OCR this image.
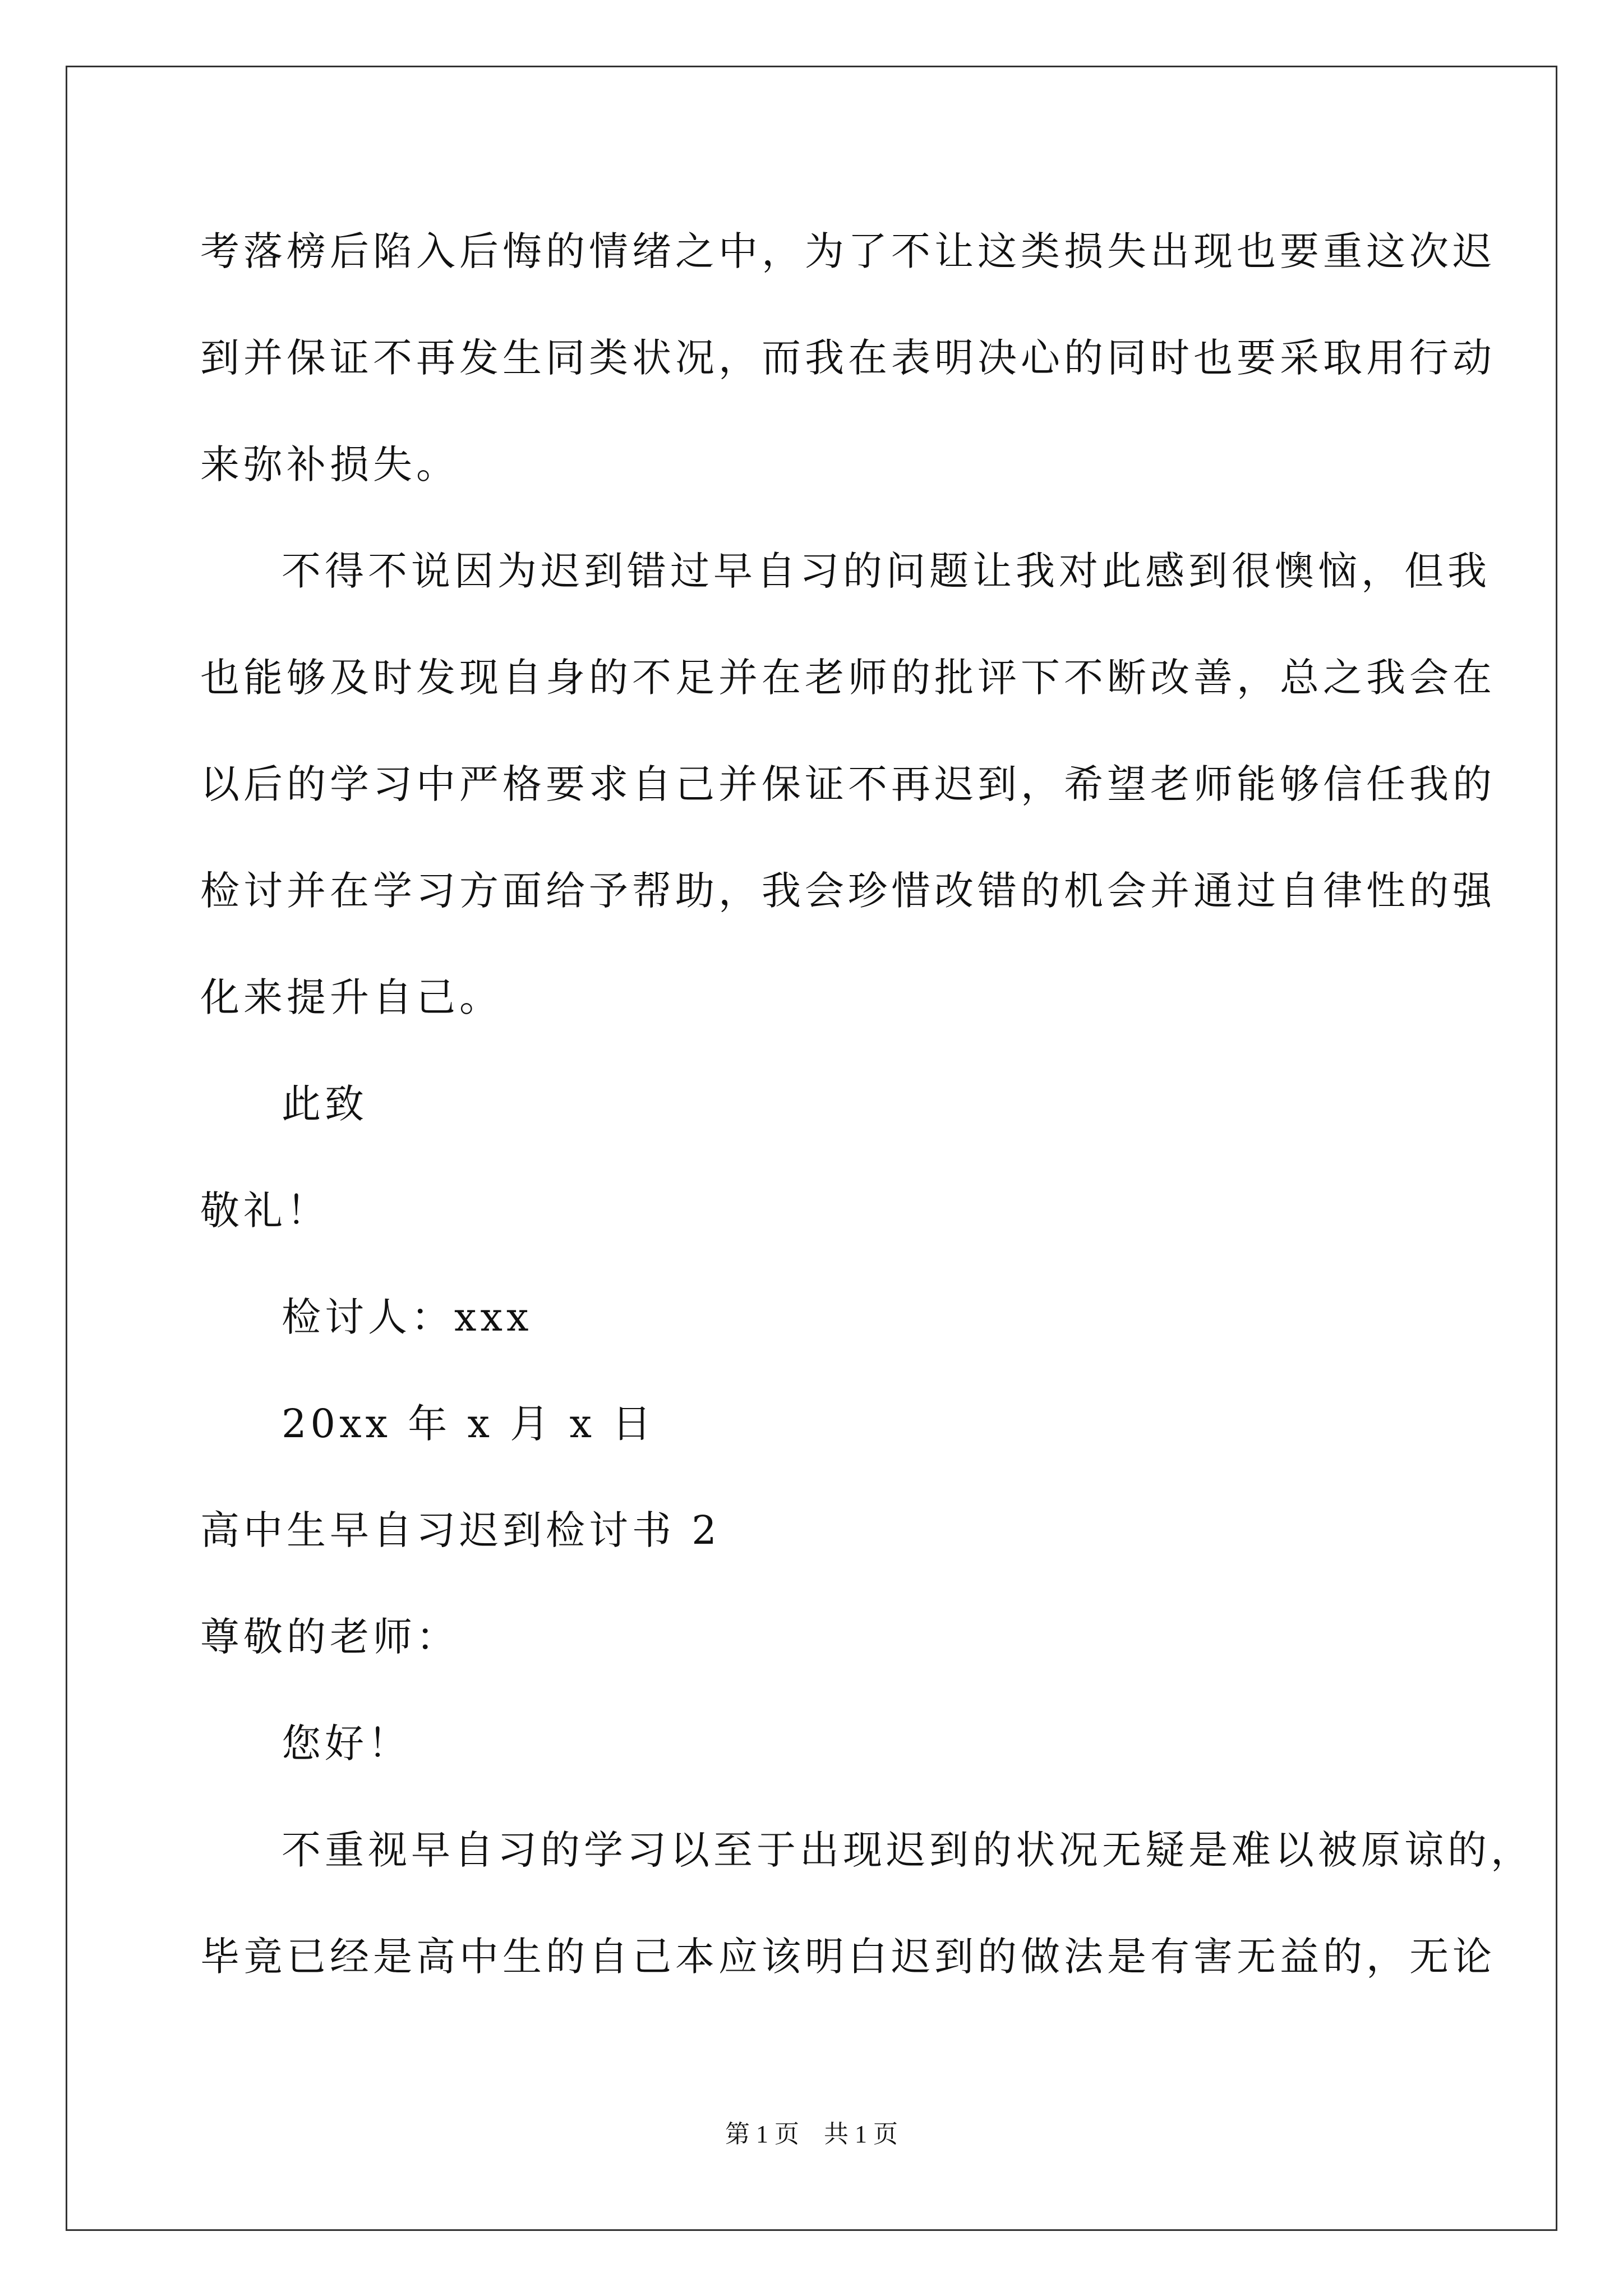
考落榜后陷入后悔的情绪之中，为了不让这类损失出现也要重这次迟
到并保证不再发生同类状况，而我在表明决心的同时也要采取用行动
来弥补损失。
不得不说因为迟到错过早自习的问题让我对此感到很懊恼，但我
也能够及时发现自身的不足并在老师的批评下不断改善，总之我会在
以后的学习中严格要求自己并保证不再迟到，希望老师能够信任我的
检讨并在学习方面给予帮助，我会珍惜改错的机会并通过自律性的强
化来提升自己。
此致
敬礼！
检讨人：xxx
20xx 年 x 月 x 日
高中生早自习迟到检讨书 2
尊敬的老师：
您好！
不重视早自习的学习以至于出现迟到的状况无疑是难以被原谅的，
毕竟已经是高中生的自己本应该明白迟到的做法是有害无益的，无论
第 1 页　共 1 页
